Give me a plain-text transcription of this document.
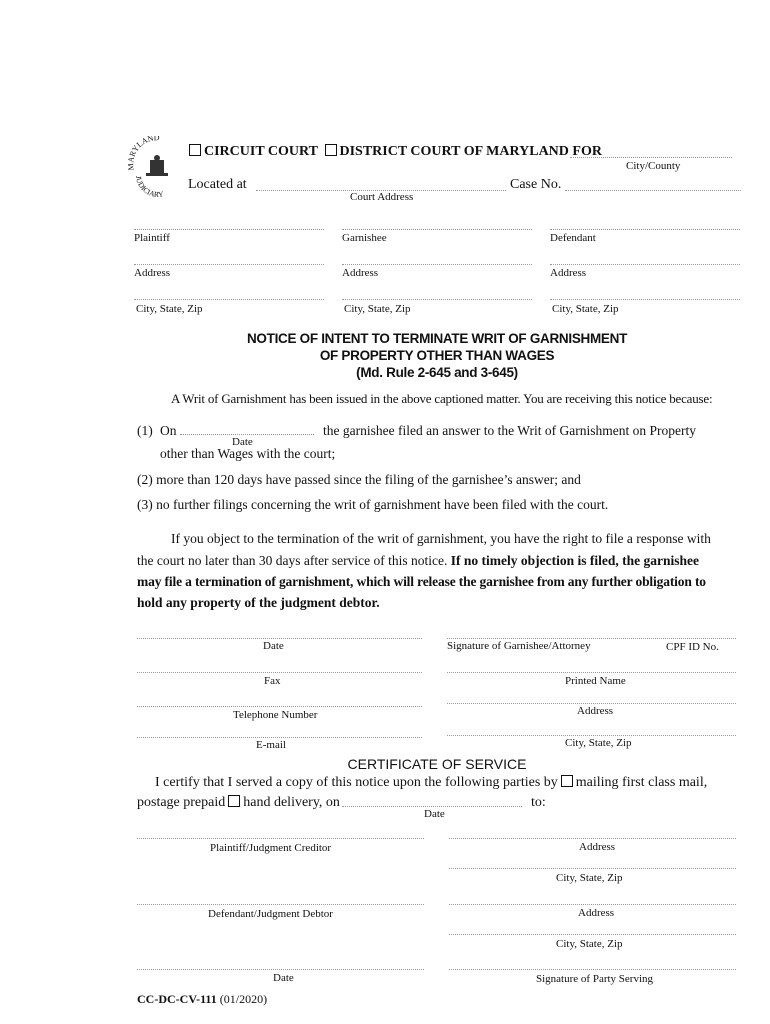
RYLAND
JUDICIARY
CIRCUIT COURT DISTRICT COURT OF MARYLAND FOR
City/County
Located at
Court Address
Case No.
Plaintiff	Garnishee	Defendant
Address	Address	Address
City, State, Zip	City, State, Zip	City, State, Zip
NOTICE OF INTENT TO TERMINATE WRIT OF GARNISHMENT
OF PROPERTY OTHER THAN WAGES
(Md. Rule 2-645 and 3-645)
A Writ of Garnishment has been issued in the above captioned matter. You are receiving this notice because:
(1) On
Date
the garnishee filed an answer to the Writ of Garnishment on Property
other than Wages with the court;
(2) more than 120 days have passed since the filing of the garnishee’s answer; and
(3) no further filings concerning the writ of garnishment have been filed with the court.
If you object to the termination of the writ of garnishment, you have the right to file a response with
the court no later than 30 days after service of this notice. If no timely objection is filed, the garnishee
may file a termination of garnishment, which will release the garnishee from any further obligation to
hold any property of the judgment debtor.
Date	Signature of Garnishee/Attorney	CPF ID No.
Fax	Printed Name
Telephone Number	Address
E-mail	City, State, Zip
CERTIFICATE OF SERVICE
I certify that I served a copy of this notice upon the following parties by mailing first class mail,
postage prepaid hand delivery, on
Date
to:
Plaintiff/Judgment Creditor	Address
City, State, Zip
Defendant/Judgment Debtor	Address
City, State, Zip
Date	Signature of Party Serving
CC-DC-CV-111 (01/2020)
